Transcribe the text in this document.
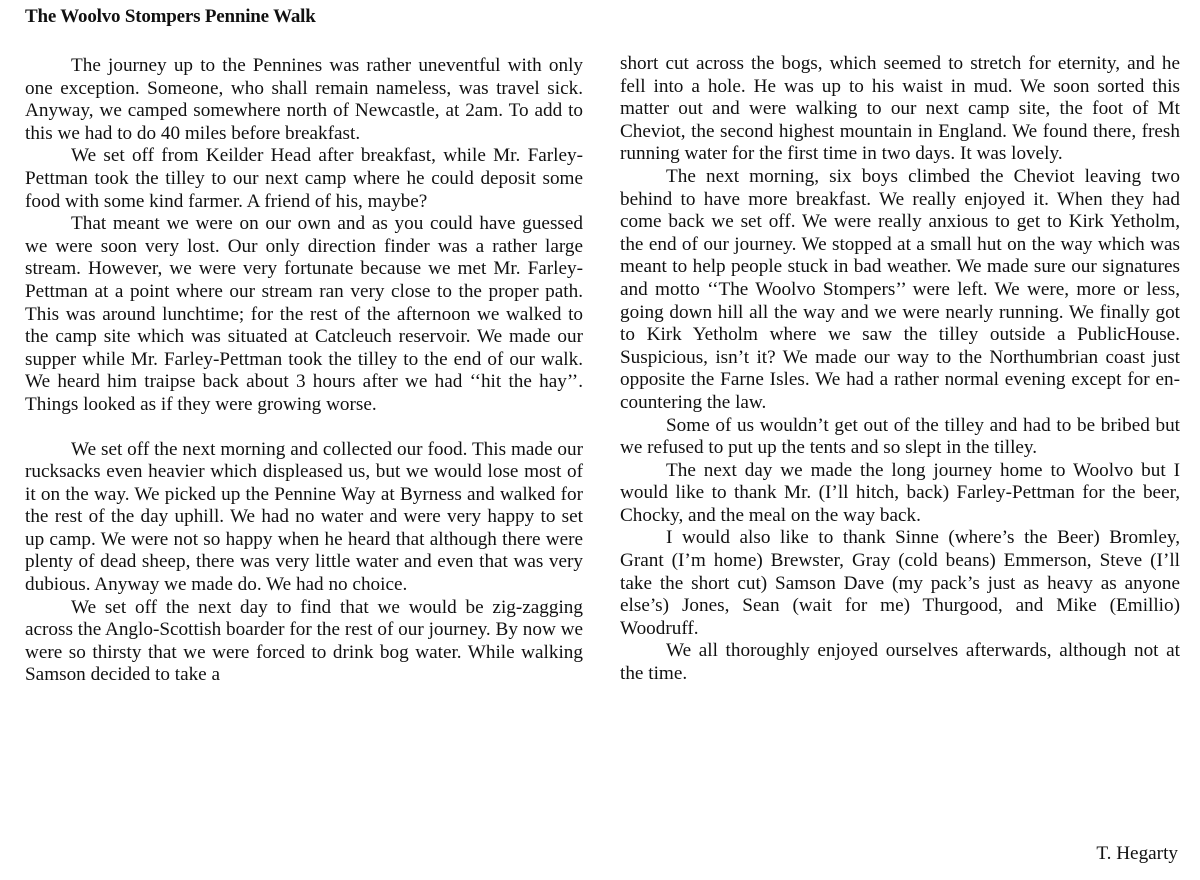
The Woolvo Stompers Pennine Walk

The journey up to the Pennines was rather uneventful with only one exception. Someone, who shall remain nameless, was travel sick. Anyway, we camped somewhere north of Newcastle, at 2am. To add to this we had to do 40 miles before breakfast.

We set off from Keilder Head after breakfast, while Mr. Farley-Pettman took the tilley to our next camp where he could deposit some food with some kind farmer. A friend of his, maybe?

That meant we were on our own and as you could have guessed we were soon very lost. Our only direction finder was a rather large stream. However, we were very fortunate because we met Mr. Farley-Pettman at a point where our stream ran very close to the proper path. This was around lunchtime; for the rest of the afternoon we walked to the camp site which was situated at Catcleuch reservoir. We made our supper while Mr. Farley-Pettman took the tilley to the end of our walk. We heard him traipse back about 3 hours after we had ‘‘hit the hay’’. Things looked as if they were growing worse.

We set off the next morning and collected our food. This made our rucksacks even heavier which displeased us, but we would lose most of it on the way. We picked up the Pennine Way at Byrness and walked for the rest of the day uphill. We had no water and were very happy to set up camp. We were not so happy when he heard that although there were plenty of dead sheep, there was very little water and even that was very dubious. Anyway we made do. We had no choice.

We set off the next day to find that we would be zig-zagging across the Anglo-Scottish boarder for the rest of our journey. By now we were so thirsty that we were forced to drink bog water. While walking Samson decided to take a

short cut across the bogs, which seemed to stretch for eternity, and he fell into a hole. He was up to his waist in mud. We soon sorted this matter out and were walking to our next camp site, the foot of Mt Cheviot, the second highest mountain in England. We found there, fresh running water for the first time in two days. It was lovely.

The next morning, six boys climbed the Cheviot leaving two behind to have more breakfast. We really enjoyed it. When they had come back we set off. We were really anxious to get to Kirk Yetholm, the end of our journey. We stopped at a small hut on the way which was meant to help people stuck in bad weather. We made sure our signatures and motto ‘‘The Woolvo Stompers’’ were left. We were, more or less, going down hill all the way and we were nearly running. We finally got to Kirk Yetholm where we saw the tilley outside a PublicHouse. Suspicious, isn’t it? We made our way to the Northumbrian coast just opposite the Farne Isles. We had a rather normal evening except for en-countering the law.

Some of us wouldn’t get out of the tilley and had to be bribed but we refused to put up the tents and so slept in the tilley.

The next day we made the long journey home to Woolvo but I would like to thank Mr. (I’ll hitch, back) Farley-Pettman for the beer, Chocky, and the meal on the way back.

I would also like to thank Sinne (where’s the Beer) Bromley, Grant (I’m home) Brewster, Gray (cold beans) Emmerson, Steve (I’ll take the short cut) Samson Dave (my pack’s just as heavy as anyone else’s) Jones, Sean (wait for me) Thurgood, and Mike (Emillio) Woodruff.

We all thoroughly enjoyed ourselves afterwards, although not at the time.

T. Hegarty
